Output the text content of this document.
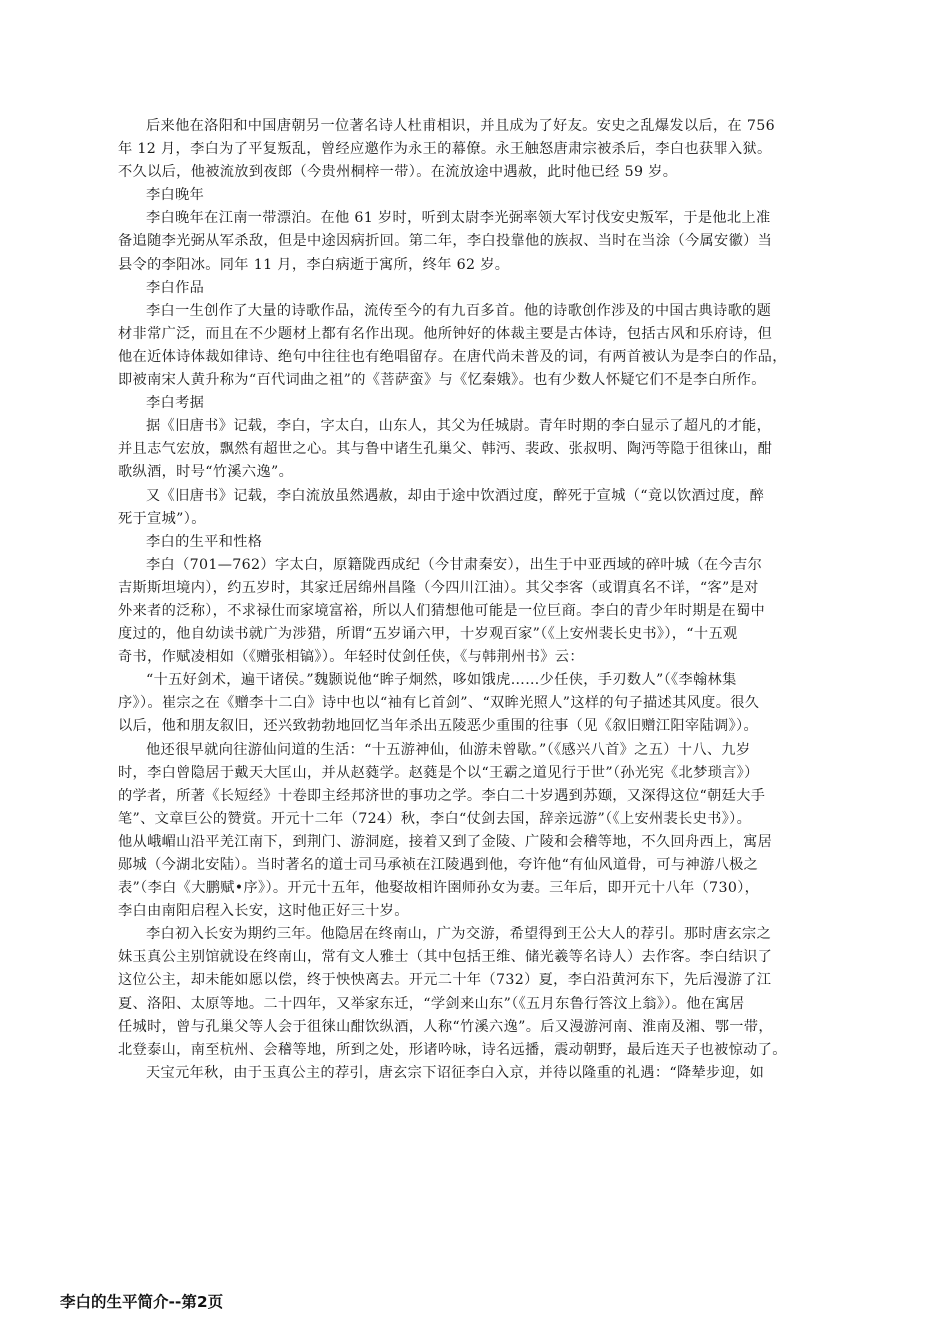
后来他在洛阳和中国唐朝另一位著名诗人杜甫相识，并且成为了好友。安史之乱爆发以后，在 756
年 12 月，李白为了平复叛乱，曾经应邀作为永王的幕僚。永王触怒唐肃宗被杀后，李白也获罪入狱。
不久以后，他被流放到夜郎（今贵州桐梓一带）。在流放途中遇赦，此时他已经 59 岁。
李白晚年
李白晚年在江南一带漂泊。在他 61 岁时，听到太尉李光弼率领大军讨伐安史叛军，于是他北上准
备追随李光弼从军杀敌，但是中途因病折回。第二年，李白投靠他的族叔、当时在当涂（今属安徽）当
县令的李阳冰。同年 11 月，李白病逝于寓所，终年 62 岁。
李白作品
李白一生创作了大量的诗歌作品，流传至今的有九百多首。他的诗歌创作涉及的中国古典诗歌的题
材非常广泛，而且在不少题材上都有名作出现。他所钟好的体裁主要是古体诗，包括古风和乐府诗，但
他在近体诗体裁如律诗、绝句中往往也有绝唱留存。在唐代尚未普及的词，有两首被认为是李白的作品，
即被南宋人黄升称为“百代词曲之祖”的《菩萨蛮》与《忆秦娥》。也有少数人怀疑它们不是李白所作。
李白考据
据《旧唐书》记载，李白，字太白，山东人，其父为任城尉。青年时期的李白显示了超凡的才能，
并且志气宏放，飘然有超世之心。其与鲁中诸生孔巢父、韩沔、裴政、张叔明、陶沔等隐于徂徕山，酣
歌纵酒，时号“竹溪六逸”。
又《旧唐书》记载，李白流放虽然遇赦，却由于途中饮酒过度，醉死于宣城（“竟以饮酒过度，醉
死于宣城”）。
李白的生平和性格
李白（701—762）字太白，原籍陇西成纪（今甘肃秦安），出生于中亚西域的碎叶城（在今吉尔
吉斯斯坦境内），约五岁时，其家迁居绵州昌隆（今四川江油）。其父李客（或谓真名不详，“客”是对
外来者的泛称），不求禄仕而家境富裕，所以人们猜想他可能是一位巨商。李白的青少年时期是在蜀中
度过的，他自幼读书就广为涉猎，所谓“五岁诵六甲，十岁观百家”（《上安州裴长史书》），“十五观
奇书，作赋凌相如（《赠张相镐》）。年轻时仗剑任侠，《与韩荆州书》云：
“十五好剑术，遍干诸侯。”魏颢说他“眸子炯然，哆如饿虎……少任侠，手刃数人”（《李翰林集
序》）。崔宗之在《赠李十二白》诗中也以“袖有匕首剑”、“双眸光照人”这样的句子描述其风度。很久
以后，他和朋友叙旧，还兴致勃勃地回忆当年杀出五陵恶少重围的往事（见《叙旧赠江阳宰陆调》）。
他还很早就向往游仙问道的生活：“十五游神仙，仙游未曾歇。”（《感兴八首》之五）十八、九岁
时，李白曾隐居于戴天大匡山，并从赵蕤学。赵蕤是个以“王霸之道见行于世”（孙光宪《北梦琐言》）
的学者，所著《长短经》十卷即主经邦济世的事功之学。李白二十岁遇到苏颋，又深得这位“朝廷大手
笔”、文章巨公的赞赏。开元十二年（724）秋，李白“仗剑去国，辞亲远游”（《上安州裴长史书》）。
他从峨嵋山沿平羌江南下，到荆门、游洞庭，接着又到了金陵、广陵和会稽等地，不久回舟西上，寓居
郧城（今湖北安陆）。当时著名的道士司马承祯在江陵遇到他，夸许他“有仙风道骨，可与神游八极之
表”（李白《大鹏赋•序》）。开元十五年，他娶故相许圉师孙女为妻。三年后，即开元十八年（730），
李白由南阳启程入长安，这时他正好三十岁。
李白初入长安为期约三年。他隐居在终南山，广为交游，希望得到王公大人的荐引。那时唐玄宗之
妹玉真公主别馆就设在终南山，常有文人雅士（其中包括王维、储光羲等名诗人）去作客。李白结识了
这位公主，却未能如愿以偿，终于怏怏离去。开元二十年（732）夏，李白沿黄河东下，先后漫游了江
夏、洛阳、太原等地。二十四年，又举家东迁，“学剑来山东”（《五月东鲁行答汶上翁》）。他在寓居
任城时，曾与孔巢父等人会于徂徕山酣饮纵酒，人称“竹溪六逸”。后又漫游河南、淮南及湘、鄂一带，
北登泰山，南至杭州、会稽等地，所到之处，形诸吟咏，诗名远播，震动朝野，最后连天子也被惊动了。
天宝元年秋，由于玉真公主的荐引，唐玄宗下诏征李白入京，并待以隆重的礼遇：“降辇步迎，如
李白的生平简介--第2页
